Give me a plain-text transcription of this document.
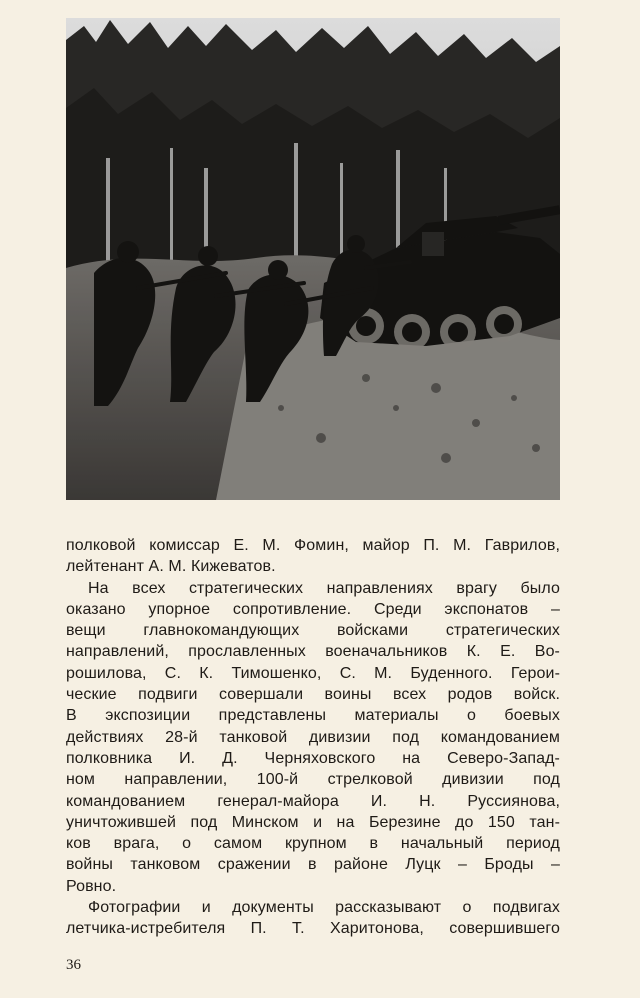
полковой комиссар Е. М. Фомин, майор П. М. Гаврилов,
лейтенант А. М. Кижеватов.

На всех стратегических направлениях врагу было
оказано упорное сопротивление. Среди экспонатов –
вещи главнокомандующих войсками стратегических
направлений, прославленных военачальников К. Е. Во-
рошилова, С. К. Тимошенко, С. М. Буденного. Герои-
ческие подвиги совершали воины всех родов войск.
В экспозиции представлены материалы о боевых
действиях 28-й танковой дивизии под командованием
полковника И. Д. Черняховского на Северо-Запад-
ном направлении, 100-й стрелковой дивизии под
командованием генерал-майора И. Н. Руссиянова,
уничтожившей под Минском и на Березине до 150 тан-
ков врага, о самом крупном в начальный период
войны танковом сражении в районе Луцк – Броды –
Ровно.

Фотографии и документы рассказывают о подвигах
летчика-истребителя П. Т. Харитонова, совершившего

36
